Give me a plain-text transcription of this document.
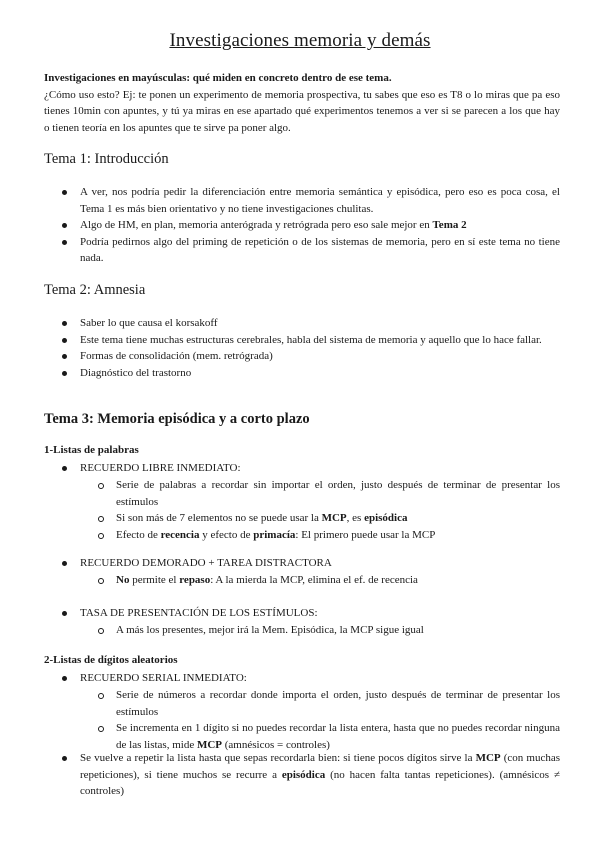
Investigaciones memoria y demás

Investigaciones en mayúsculas: qué miden en concreto dentro de ese tema.

¿Cómo uso esto? Ej: te ponen un experimento de memoria prospectiva, tu sabes que eso es T8 o lo miras que pa eso tienes 10min con apuntes, y tú ya miras en ese apartado qué experimentos tenemos a ver si se parecen a los que hay o tienen teoría en los apuntes que te sirve pa poner algo.

Tema 1: Introducción
A ver, nos podría pedir la diferenciación entre memoria semántica y episódica, pero eso es poca cosa, el Tema 1 es más bien orientativo y no tiene investigaciones chulitas.
Algo de HM, en plan, memoria anterógrada y retrógrada pero eso sale mejor en Tema 2
Podría pedirnos algo del priming de repetición o de los sistemas de memoria, pero en sí este tema no tiene nada.
Tema 2: Amnesia
Saber lo que causa el korsakoff
Este tema tiene muchas estructuras cerebrales, habla del sistema de memoria y aquello que lo hace fallar.
Formas de consolidación (mem. retrógrada)
Diagnóstico del trastorno
Tema 3: Memoria episódica y a corto plazo
1-Listas de palabras
RECUERDO LIBRE INMEDIATO:
Serie de palabras a recordar sin importar el orden, justo después de terminar de presentar los estímulos
Si son más de 7 elementos no se puede usar la MCP, es episódica
Efecto de recencia y efecto de primacía: El primero puede usar la MCP
RECUERDO DEMORADO + TAREA DISTRACTORA
No permite el repaso: A la mierda la MCP, elimina el ef. de recencia
TASA DE PRESENTACIÓN DE LOS ESTÍMULOS:
A más los presentes, mejor irá la Mem. Episódica, la MCP sigue igual
2-Listas de dígitos aleatorios
RECUERDO SERIAL INMEDIATO:
Serie de números a recordar donde importa el orden, justo después de terminar de presentar los estímulos
Se incrementa en 1 dígito si no puedes recordar la lista entera, hasta que no puedes recordar ninguna de las listas, mide MCP (amnésicos = controles)
Se vuelve a repetir la lista hasta que sepas recordarla bien: si tiene pocos dígitos sirve la MCP (con muchas repeticiones), si tiene muchos se recurre a episódica (no hacen falta tantas repeticiones). (amnésicos ≠ controles)
